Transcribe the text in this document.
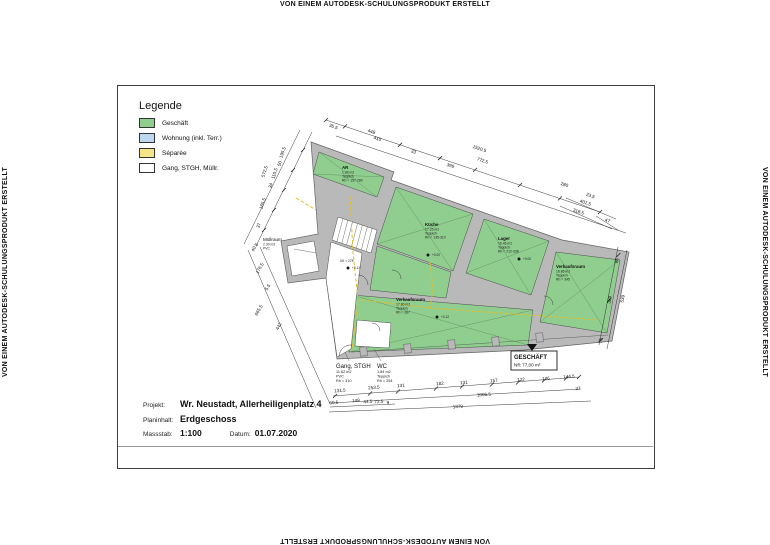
VON EINEM AUTODESK-SCHULUNGSPRODUKT ERSTELLT
VON EINEM AUTODESK-SCHULUNGSPRODUKT ERSTELLT
VON EINEM AUTODESK-SCHULUNGSPRODUKT ERSTELLT	VON EINEM AUTODESK-SCHULUNGSPRODUKT ERSTELLT
Legende
Geschäft
Wohnung (inkl. Terr.)
Séparée
Gang, STGH, Müllr.
Projekt:	Wr. Neustadt, Allerheiligenplatz 4
Planinhalt: Erdgeschoss
Massstab: 1:100	Datum: 01.07.2020
AR
1.34 m2
Teppich
Rh = 157-280
Küche
17.26 m2
Teppich
Rh = 135-310	Lager
10.46 m2
Teppich
Rh = 212-338
Verkaufsraum
16.86 m2
Teppich
Rh = 345
Verkaufsraum
17.80 m2
Teppich
Rh = 287
Müllraum
2.30 m2
PVC
Gang, STGH
11.62 m2
PVC
Rh = 310
WC
1.84 m2
Teppich
Rh = 254
UK = 278
+0.00
+0.00
+0.12
+0.12
GESCHÄFT
Nfl: 77,00 m²
35.5
448
1520.5
410
33
399
772.5
280
23.5
401.5
318.5
47
572.5
195.5
50
110.5
34
165.5
37
40.5
176.5
5.5
665.5
442
95
369 539
75
131.5
253.5	131	182	131	157	122	126	144.5
37
1006.5
60.5	149 44.5 72.5 9
1379
